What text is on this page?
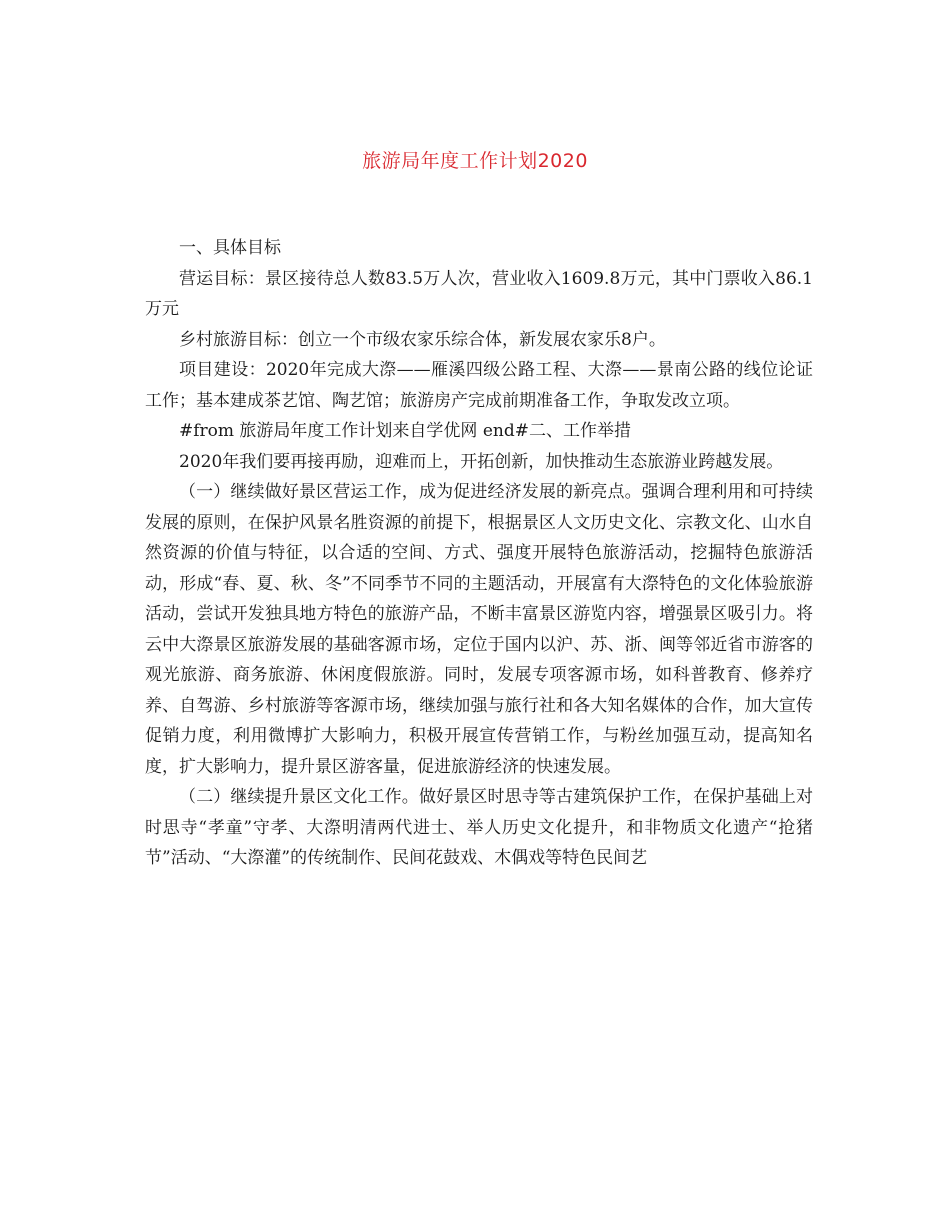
旅游局年度工作计划2020

一、具体目标

营运目标：景区接待总人数83.5万人次，营业收入1609.8万元，其中门票收入86.1万元

乡村旅游目标：创立一个市级农家乐综合体，新发展农家乐8户。

项目建设：2020年完成大漈——雁溪四级公路工程、大漈——景南公路的线位论证工作；基本建成茶艺馆、陶艺馆；旅游房产完成前期准备工作，争取发改立项。

#from 旅游局年度工作计划来自学优网 end#二、工作举措

2020年我们要再接再励，迎难而上，开拓创新，加快推动生态旅游业跨越发展。

（一）继续做好景区营运工作，成为促进经济发展的新亮点。强调合理利用和可持续发展的原则，在保护风景名胜资源的前提下，根据景区人文历史文化、宗教文化、山水自然资源的价值与特征，以合适的空间、方式、强度开展特色旅游活动，挖掘特色旅游活动，形成“春、夏、秋、冬”不同季节不同的主题活动，开展富有大漈特色的文化体验旅游活动，尝试开发独具地方特色的旅游产品，不断丰富景区游览内容，增强景区吸引力。将云中大漈景区旅游发展的基础客源市场，定位于国内以沪、苏、浙、闽等邻近省市游客的观光旅游、商务旅游、休闲度假旅游。同时，发展专项客源市场，如科普教育、修养疗养、自驾游、乡村旅游等客源市场，继续加强与旅行社和各大知名媒体的合作，加大宣传促销力度，利用微博扩大影响力，积极开展宣传营销工作，与粉丝加强互动，提高知名度，扩大影响力，提升景区游客量，促进旅游经济的快速发展。

（二）继续提升景区文化工作。做好景区时思寺等古建筑保护工作，在保护基础上对时思寺“孝童”守孝、大漈明清两代进士、举人历史文化提升，和非物质文化遗产“抢猪节”活动、“大漈灌”的传统制作、民间花鼓戏、木偶戏等特色民间艺
